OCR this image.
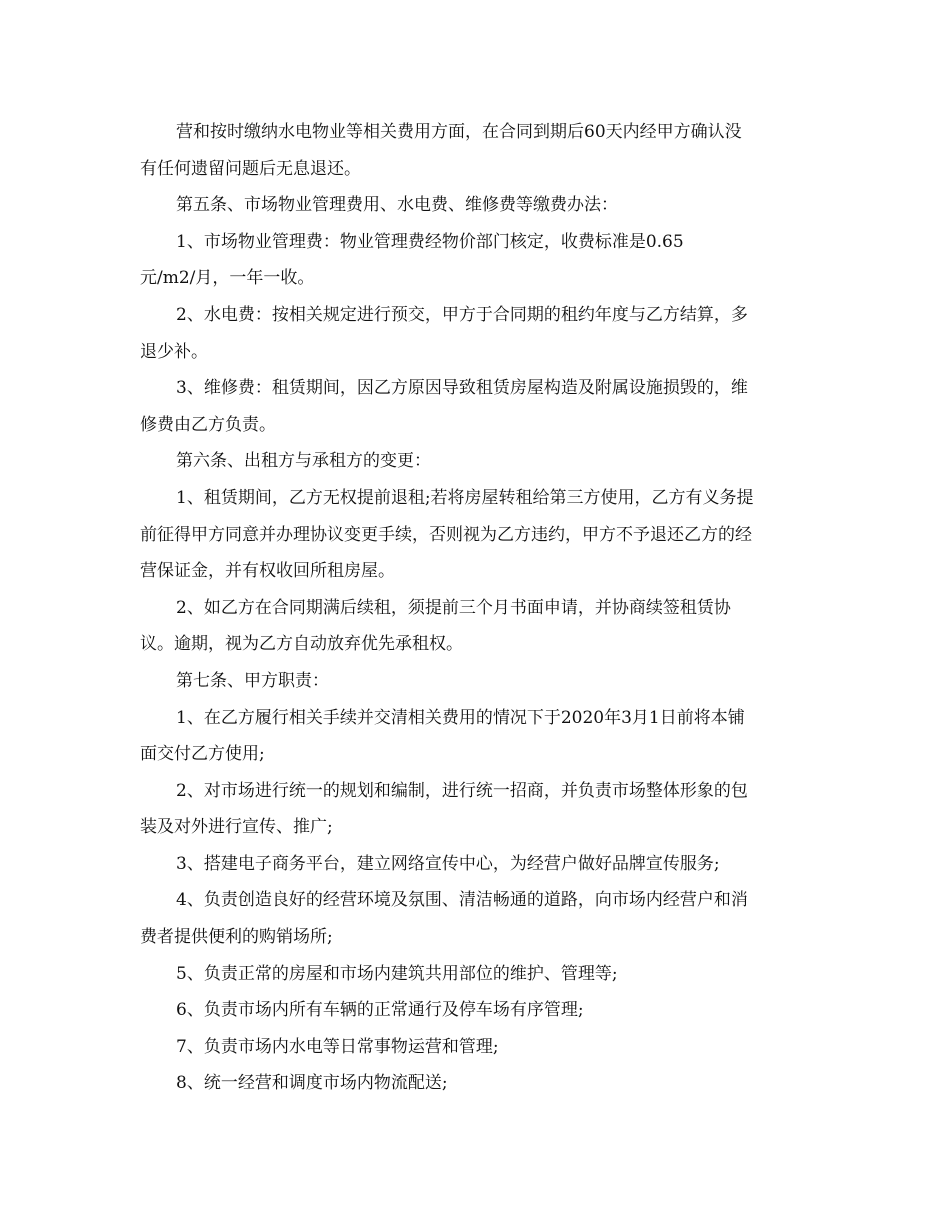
营和按时缴纳水电物业等相关费用方面，在合同到期后60天内经甲方确认没
有任何遗留问题后无息退还。

第五条、市场物业管理费用、水电费、维修费等缴费办法：

1、市场物业管理费：物业管理费经物价部门核定，收费标准是0.65
元/m2/月，一年一收。

2、水电费：按相关规定进行预交，甲方于合同期的租约年度与乙方结算，多
退少补。

3、维修费：租赁期间，因乙方原因导致租赁房屋构造及附属设施损毁的，维
修费由乙方负责。

第六条、出租方与承租方的变更：

1、租赁期间，乙方无权提前退租;若将房屋转租给第三方使用，乙方有义务提
前征得甲方同意并办理协议变更手续，否则视为乙方违约，甲方不予退还乙方的经
营保证金，并有权收回所租房屋。

2、如乙方在合同期满后续租，须提前三个月书面申请，并协商续签租赁协
议。逾期，视为乙方自动放弃优先承租权。

第七条、甲方职责：

1、在乙方履行相关手续并交清相关费用的情况下于2020年3月1日前将本铺
面交付乙方使用;

2、对市场进行统一的规划和编制，进行统一招商，并负责市场整体形象的包
装及对外进行宣传、推广;

3、搭建电子商务平台，建立网络宣传中心，为经营户做好品牌宣传服务;

4、负责创造良好的经营环境及氛围、清洁畅通的道路，向市场内经营户和消
费者提供便利的购销场所;

5、负责正常的房屋和市场内建筑共用部位的维护、管理等;

6、负责市场内所有车辆的正常通行及停车场有序管理;

7、负责市场内水电等日常事物运营和管理;

8、统一经营和调度市场内物流配送;
